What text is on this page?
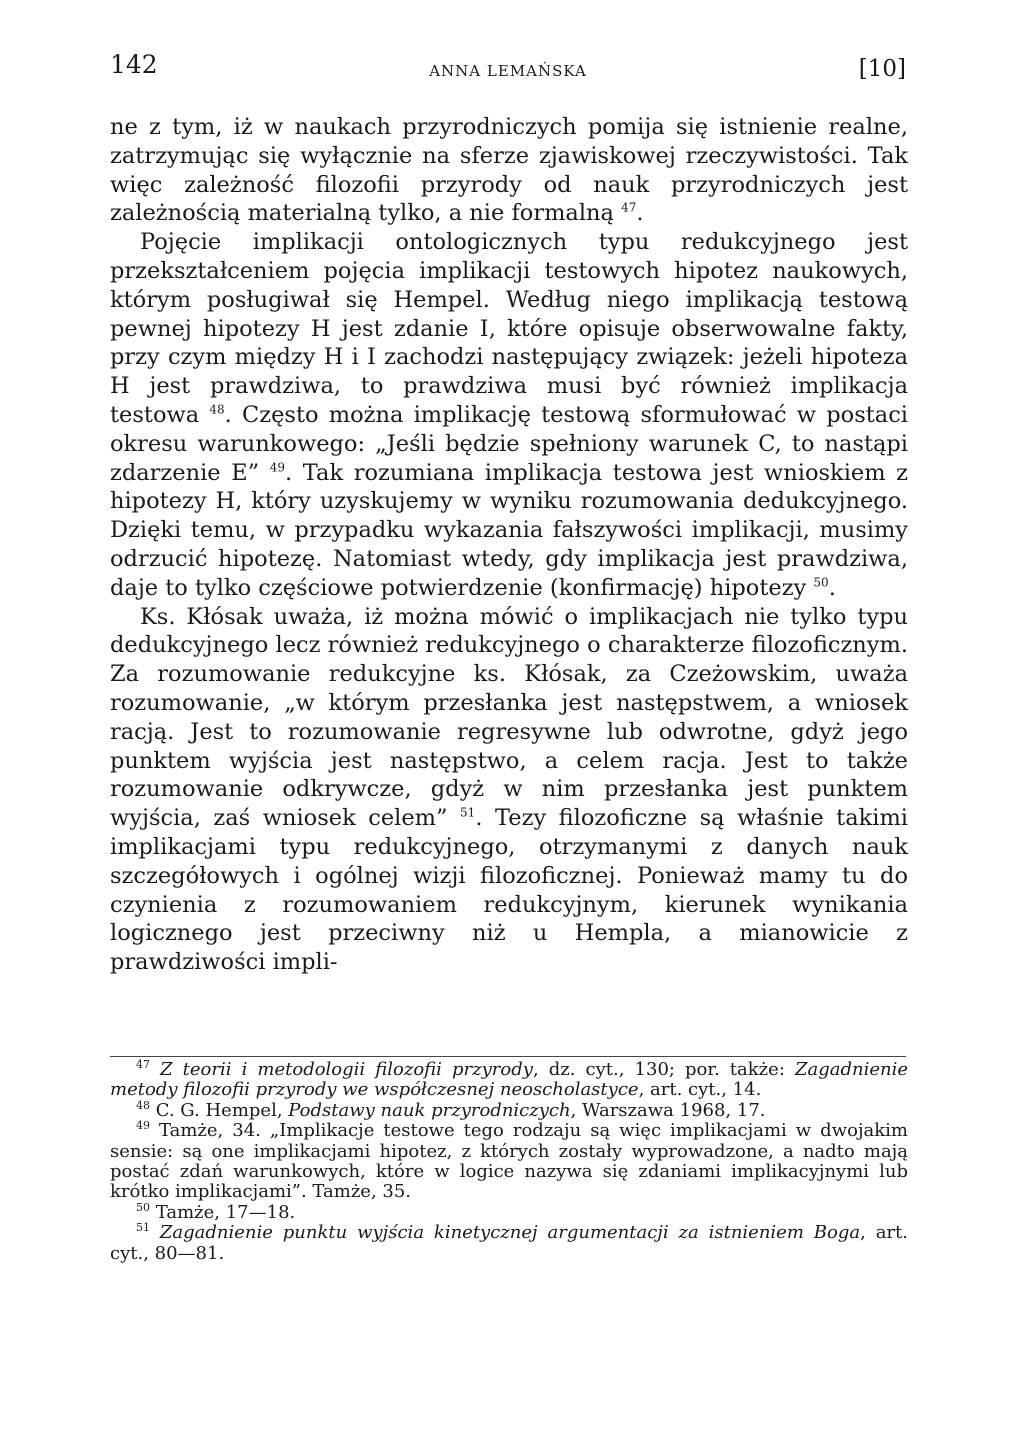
142	ANNA LEMAŃSKA	[10]

ne z tym, iż w naukach przyrodniczych pomija się istnienie realne, zatrzymując się wyłącznie na sferze zjawiskowej rzeczywistości. Tak więc zależność filozofii przyrody od nauk przyrodniczych jest zależnością materialną tylko, a nie formalną $^{47}$.

Pojęcie implikacji ontologicznych typu redukcyjnego jest przekształceniem pojęcia implikacji testowych hipotez naukowych, którym posługiwał się Hempel. Według niego implikacją testową pewnej hipotezy H jest zdanie I, które opisuje obserwowalne fakty, przy czym między H i I zachodzi następujący związek: jeżeli hipoteza H jest prawdziwa, to prawdziwa musi być również implikacja testowa $^{48}$. Często można implikację testową sformułować w postaci okresu warunkowego: „Jeśli będzie spełniony warunek C, to nastąpi zdarzenie E” $^{49}$. Tak rozumiana implikacja testowa jest wnioskiem z hipotezy H, który uzyskujemy w wyniku rozumowania dedukcyjnego. Dzięki temu, w przypadku wykazania fałszywości implikacji, musimy odrzucić hipotezę. Natomiast wtedy, gdy implikacja jest prawdziwa, daje to tylko częściowe potwierdzenie (konfirmację) hipotezy $^{50}$.

Ks. Kłósak uważa, iż można mówić o implikacjach nie tylko typu dedukcyjnego lecz również redukcyjnego o charakterze filozoficznym. Za rozumowanie redukcyjne ks. Kłósak, za Czeżowskim, uważa rozumowanie, „w którym przesłanka jest następstwem, a wniosek racją. Jest to rozumowanie regresywne lub odwrotne, gdyż jego punktem wyjścia jest następstwo, a celem racja. Jest to także rozumowanie odkrywcze, gdyż w nim przesłanka jest punktem wyjścia, zaś wniosek celem” $^{51}$. Tezy filozoficzne są właśnie takimi implikacjami typu redukcyjnego, otrzymanymi z danych nauk szczegółowych i ogólnej wizji filozoficznej. Ponieważ mamy tu do czynienia z rozumowaniem redukcyjnym, kierunek wynikania logicznego jest przeciwny niż u Hempla, a mianowicie z prawdziwości impli-

$^{47}$ Z teorii i metodologii filozofii przyrody, dz. cyt., 130; por. także: Zagadnienie metody filozofii przyrody we współczesnej neoscholastyce, art. cyt., 14.

$^{48}$ C. G. Hempel, Podstawy nauk przyrodniczych, Warszawa 1968, 17.

$^{49}$ Tamże, 34. „Implikacje testowe tego rodzaju są więc implikacjami w dwojakim sensie: są one implikacjami hipotez, z których zostały wyprowadzone, a nadto mają postać zdań warunkowych, które w logice nazywa się zdaniami implikacyjnymi lub krótko implikacjami”. Tamże, 35.

$^{50}$ Tamże, 17—18.

$^{51}$ Zagadnienie punktu wyjścia kinetycznej argumentacji za istnieniem Boga, art. cyt., 80—81.
